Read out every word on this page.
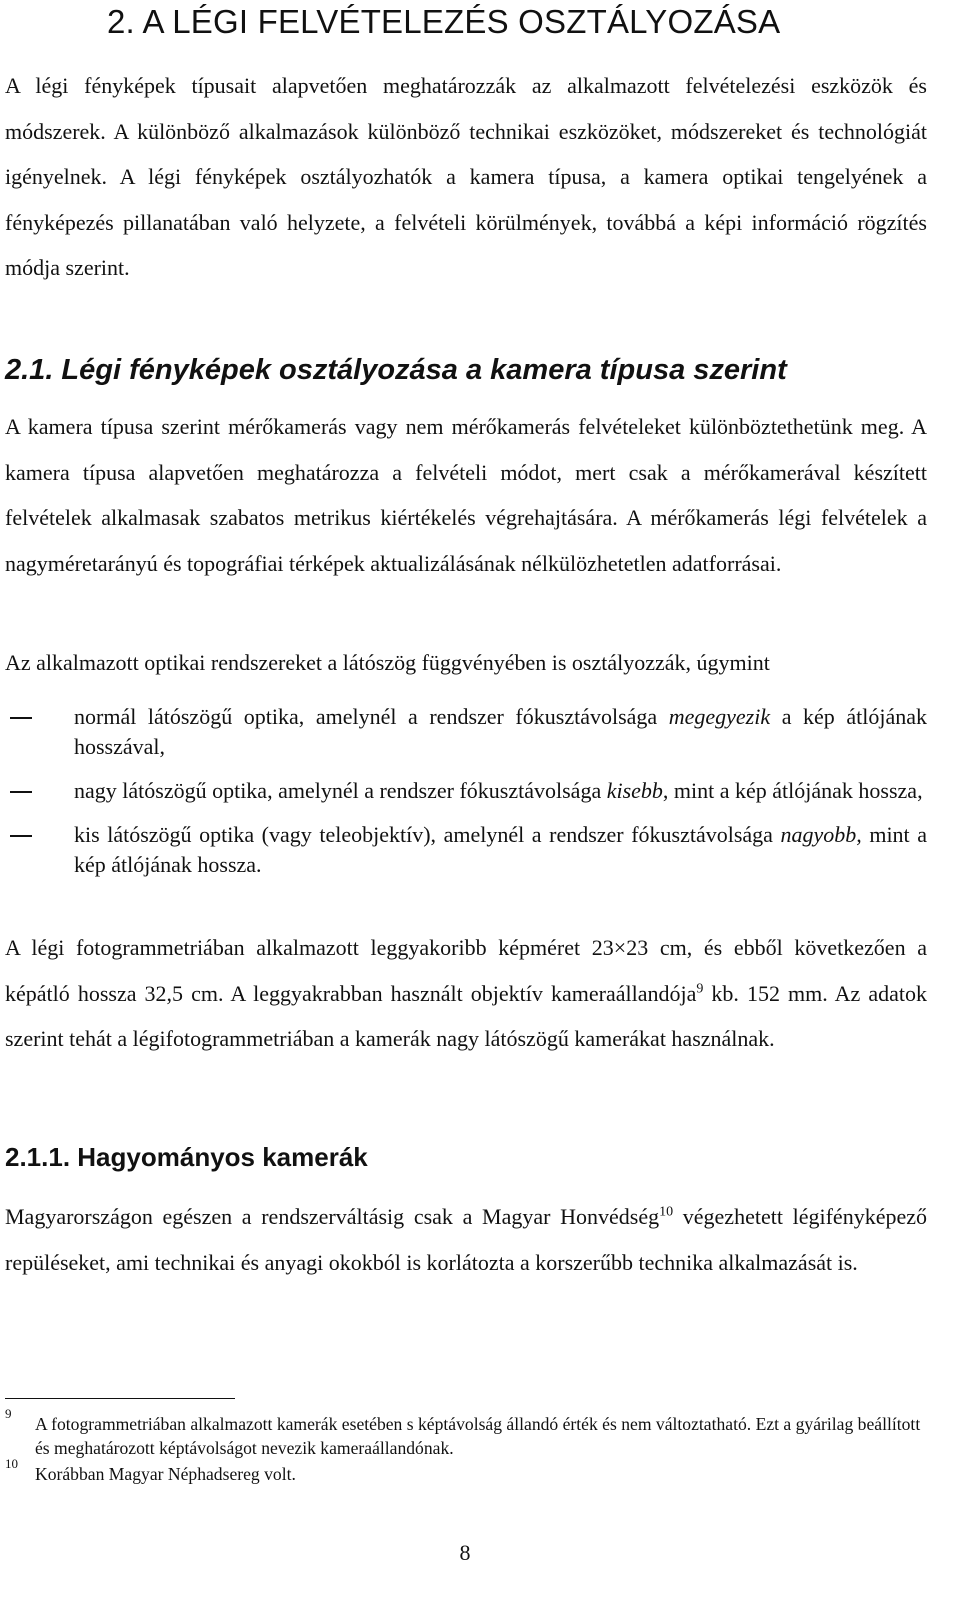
2. A LÉGI FELVÉTELEZÉS OSZTÁLYOZÁSA
A légi fényképek típusait alapvetően meghatározzák az alkalmazott felvételezési eszközök és módszerek. A különböző alkalmazások különböző technikai eszközöket, módszereket és technológiát igényelnek. A légi fényképek osztályozhatók a kamera típusa, a kamera optikai tengelyének a fényképezés pillanatában való helyzete, a felvételi körülmények, továbbá a képi információ rögzítés módja szerint.
2.1. Légi fényképek osztályozása a kamera típusa szerint
A kamera típusa szerint mérőkamerás vagy nem mérőkamerás felvételeket különböztethetünk meg. A kamera típusa alapvetően meghatározza a felvételi módot, mert csak a mérőkamerával készített felvételek alkalmasak szabatos metrikus kiértékelés végrehajtására. A mérőkamerás légi felvételek a nagyméretarányú és topográfiai térképek aktualizálásának nélkülözhetetlen adatforrásai.
Az alkalmazott optikai rendszereket a látószög függvényében is osztályozzák, úgymint
normál látószögű optika, amelynél a rendszer fókusztávolsága megegyezik a kép átlójának hosszával,
nagy látószögű optika, amelynél a rendszer fókusztávolsága kisebb, mint a kép átlójának hossza,
kis látószögű optika (vagy teleobjektív), amelynél a rendszer fókusztávolsága nagyobb, mint a kép átlójának hossza.
A légi fotogrammetriában alkalmazott leggyakoribb képméret 23×23 cm, és ebből következően a képátló hossza 32,5 cm. A leggyakrabban használt objektív kameraállandója$^9$ kb. 152 mm. Az adatok szerint tehát a légifotogrammetriában a kamerák nagy látószögű kamerákat használnak.
2.1.1. Hagyományos kamerák
Magyarországon egészen a rendszerváltásig csak a Magyar Honvédség$^{10}$ végezhetett légifényképező repüléseket, ami technikai és anyagi okokból is korlátozta a korszerűbb technika alkalmazását is.
9
A fotogrammetriában alkalmazott kamerák esetében s képtávolság állandó érték és nem változtatható. Ezt a gyárilag beállított és meghatározott képtávolságot nevezik kameraállandónak.
10
Korábban Magyar Néphadsereg volt.
8
